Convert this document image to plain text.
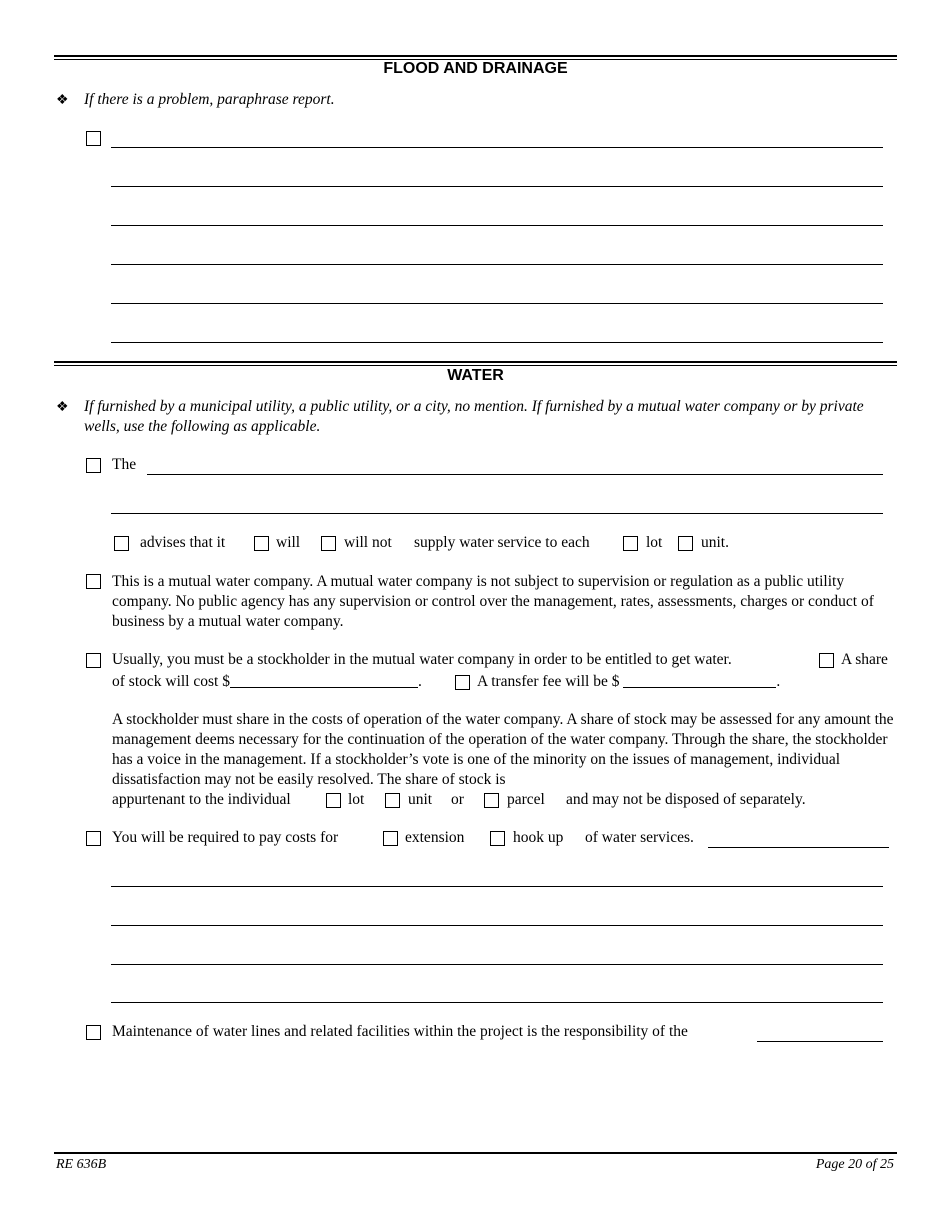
FLOOD AND DRAINAGE
❖ If there is a problem, paraphrase report.
WATER
❖ If furnished by a municipal utility, a public utility, or a city, no mention. If furnished by a mutual water company or by private wells, use the following as applicable.
The
advises that it	will	will not supply water service to each	lot unit.
This is a mutual water company. A mutual water company is not subject to supervision or regulation as a public utility company. No public agency has any supervision or control over the management, rates, assessments, charges or conduct of business by a mutual water company.
Usually, you must be a stockholder in the mutual water company in order to be entitled to get water.	A share
of stock will cost $	.	A transfer fee will be $	.
A stockholder must share in the costs of operation of the water company. A share of stock may be assessed for any amount the management deems necessary for the continuation of the operation of the water company. Through the share, the stockholder has a voice in the management. If a stockholder’s vote is one of the minority on the issues of management, individual dissatisfaction may not be easily resolved. The share of stock is
appurtenant to the individual	lot	unit or	parcel and may not be disposed of separately.
You will be required to pay costs for	extension	hook up of water services.
Maintenance of water lines and related facilities within the project is the responsibility of the
RE 636B	Page 20 of 25
